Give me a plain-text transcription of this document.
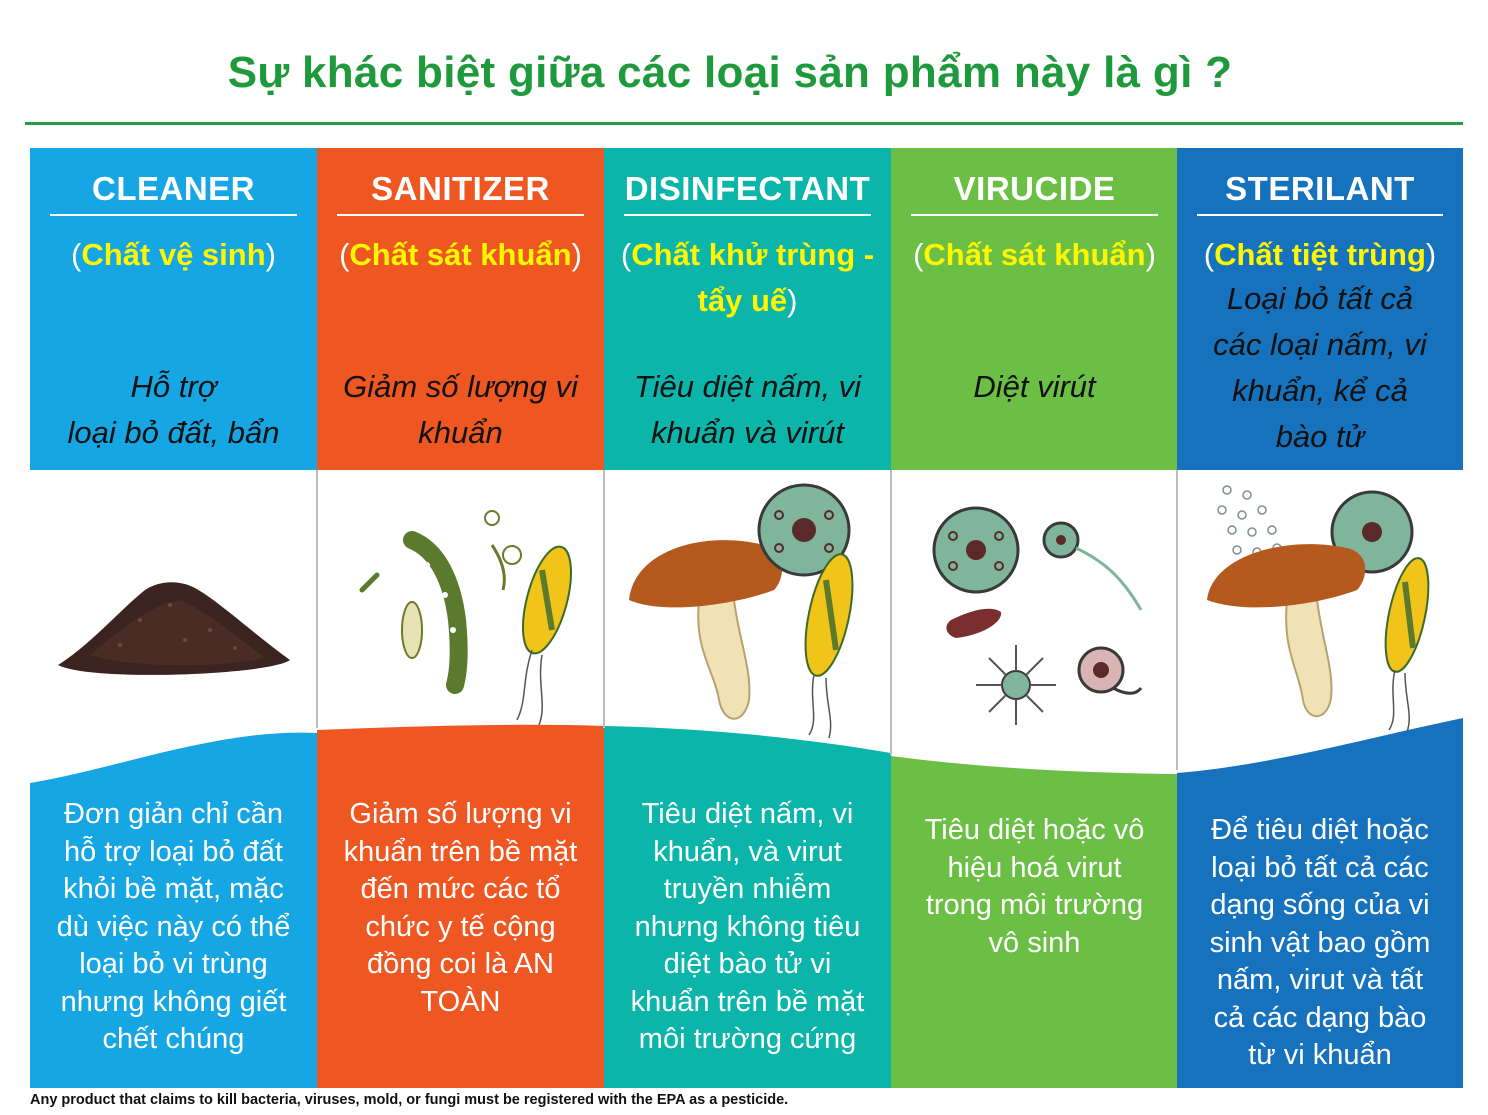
Sự khác biệt giữa các loại sản phẩm này là gì ?
CLEANER
(Chất vệ sinh)
Hỗ trợ
loại bỏ đất, bẩn
Đơn giản chỉ cần
hỗ trợ loại bỏ đất
khỏi bề mặt, mặc
dù việc này có thể
loại bỏ vi trùng
nhưng không giết
chết chúng
SANITIZER
(Chất sát khuẩn)
Giảm số lượng vi
khuẩn
Giảm số lượng vi
khuẩn trên bề mặt
đến mức các tổ
chức y tế cộng
đồng coi là AN
TOÀN
DISINFECTANT
(Chất khử trùng -
tẩy uế)
Tiêu diệt nấm, vi
khuẩn và virút
Tiêu diệt nấm, vi
khuẩn, và virut
truyền nhiễm
nhưng không tiêu
diệt bào tử vi
khuẩn trên bề mặt
môi trường cứng
VIRUCIDE
(Chất sát khuẩn)
Diệt virút
Tiêu diệt hoặc vô
hiệu hoá virut
trong môi trường
vô sinh
STERILANT
(Chất tiệt trùng)
Loại bỏ tất cả
các loại nấm, vi
khuẩn, kể cả
bào tử
Để tiêu diệt hoặc
loại bỏ tất cả các
dạng sống của vi
sinh vật bao gồm
nấm, virut và tất
cả các dạng bào
từ vi khuẩn
Any product that claims to kill bacteria, viruses, mold, or fungi must be registered with the EPA as a pesticide.
